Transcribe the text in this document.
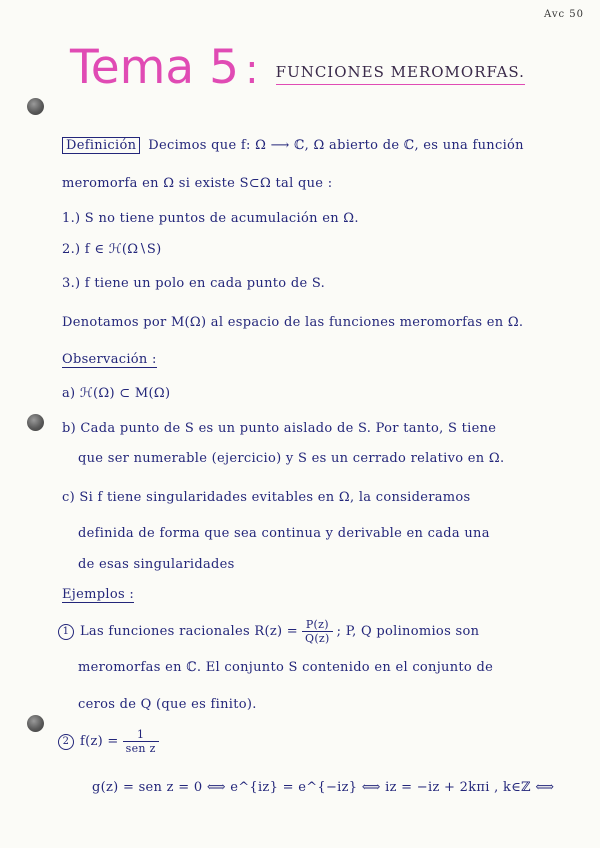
Avc 50
Tema 5 : FUNCIONES MEROMORFAS.
Definición Decimos que f: Ω ⟶ ℂ, Ω abierto de ℂ, es una función
meromorfa en Ω si existe S⊂Ω tal que :
1.) S no tiene puntos de acumulación en Ω.
2.) f ∈ ℋ(Ω∖S)
3.) f tiene un polo en cada punto de S.
Denotamos por M(Ω) al espacio de las funciones meromorfas en Ω.
Observación :
a) ℋ(Ω) ⊂ M(Ω)
b) Cada punto de S es un punto aislado de S. Por tanto, S tiene
que ser numerable (ejercicio) y S es un cerrado relativo en Ω.
c) Si f tiene singularidades evitables en Ω, la consideramos
definida de forma que sea continua y derivable en cada una
de esas singularidades
Ejemplos :
1 Las funciones racionales $R(z) = \frac{P(z)}{Q(z)}$ ; P, Q polinomios son
meromorfas en ℂ. El conjunto S contenido en el conjunto de
ceros de Q (que es finito).
2 $f(z) = \frac{1}{\text{sen z}}$
g(z) = sen z = 0 ⟺ e^{iz} = e^{−iz} ⟺ iz = −iz + 2kπi , k∈ℤ ⟺
